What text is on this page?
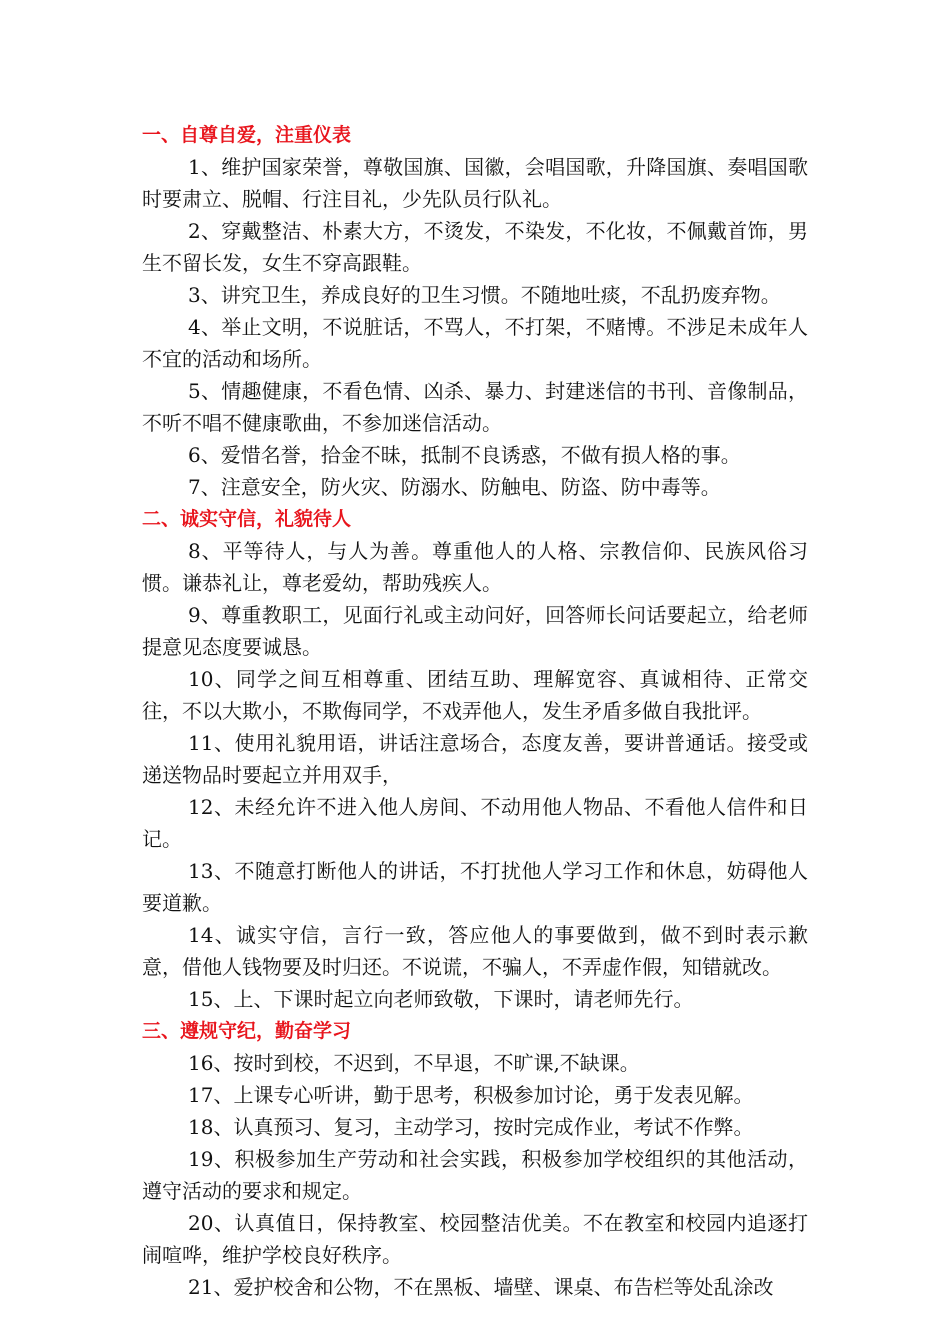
一、自尊自爱，注重仪表

1、维护国家荣誉，尊敬国旗、国徽，会唱国歌，升降国旗、奏唱国歌时要肃立、脱帽、行注目礼，少先队员行队礼。

2、穿戴整洁、朴素大方，不烫发，不染发，不化妆，不佩戴首饰，男生不留长发，女生不穿高跟鞋。

3、讲究卫生，养成良好的卫生习惯。不随地吐痰，不乱扔废弃物。

4、举止文明，不说脏话，不骂人，不打架，不赌博。不涉足未成年人不宜的活动和场所。

5、情趣健康，不看色情、凶杀、暴力、封建迷信的书刊、音像制品，不听不唱不健康歌曲，不参加迷信活动。

6、爱惜名誉，拾金不昧，抵制不良诱惑，不做有损人格的事。

7、注意安全，防火灾、防溺水、防触电、防盗、防中毒等。

二、诚实守信，礼貌待人

8、平等待人，与人为善。尊重他人的人格、宗教信仰、民族风俗习惯。谦恭礼让，尊老爱幼，帮助残疾人。

9、尊重教职工，见面行礼或主动问好，回答师长问话要起立，给老师提意见态度要诚恳。

10、同学之间互相尊重、团结互助、理解宽容、真诚相待、正常交往，不以大欺小，不欺侮同学，不戏弄他人，发生矛盾多做自我批评。

11、使用礼貌用语，讲话注意场合，态度友善，要讲普通话。接受或递送物品时要起立并用双手，

12、未经允许不进入他人房间、不动用他人物品、不看他人信件和日记。

13、不随意打断他人的讲话，不打扰他人学习工作和休息，妨碍他人要道歉。

14、诚实守信，言行一致，答应他人的事要做到，做不到时表示歉意，借他人钱物要及时归还。不说谎，不骗人，不弄虚作假，知错就改。

15、上、下课时起立向老师致敬，下课时，请老师先行。

三、遵规守纪，勤奋学习

16、按时到校，不迟到，不早退，不旷课,不缺课。

17、上课专心听讲，勤于思考，积极参加讨论，勇于发表见解。

18、认真预习、复习，主动学习，按时完成作业，考试不作弊。

19、积极参加生产劳动和社会实践，积极参加学校组织的其他活动，遵守活动的要求和规定。

20、认真值日，保持教室、校园整洁优美。不在教室和校园内追逐打闹喧哗，维护学校良好秩序。

21、爱护校舍和公物，不在黑板、墙壁、课桌、布告栏等处乱涂改
